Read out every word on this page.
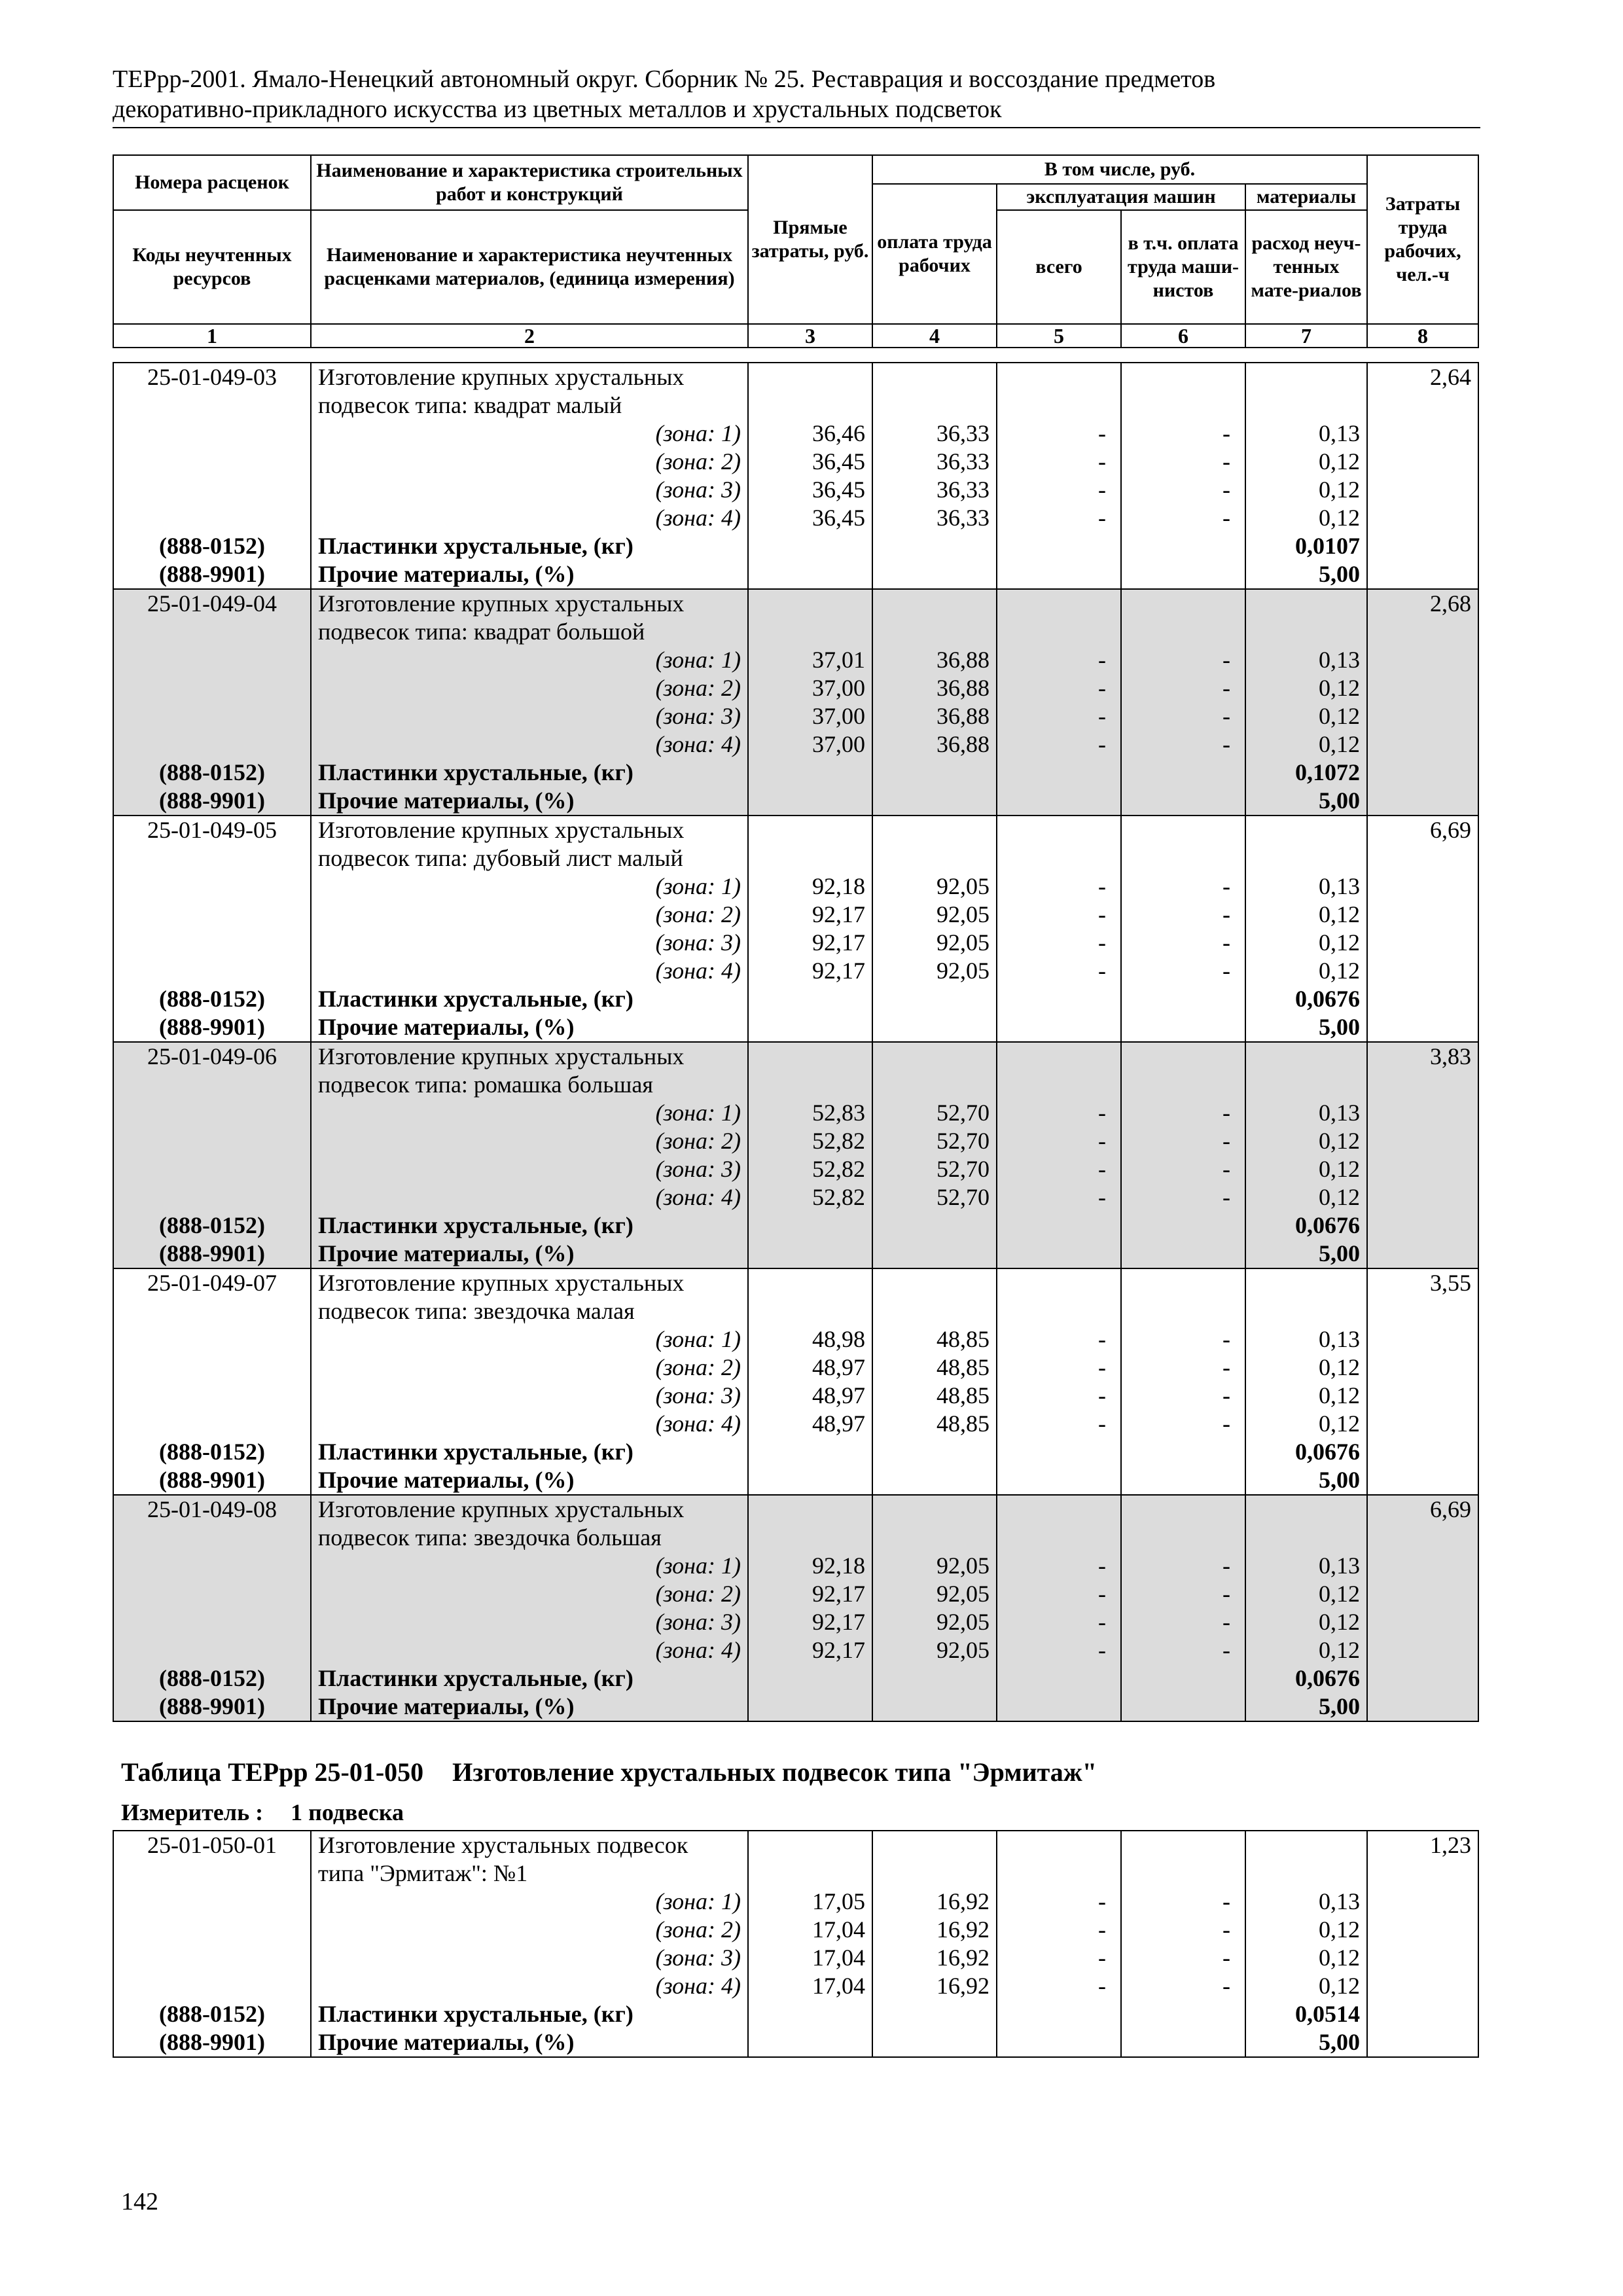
ТЕРрр-2001. Ямало-Ненецкий автономный округ. Сборник № 25. Реставрация и воссоздание предметов
декоративно-прикладного искусства из цветных металлов и хрустальных подсветок
Номера расценок	Наименование и характеристика строительных работ и конструкций	Прямые затраты, руб.	В том числе, руб.				Затраты труда рабочих, чел.-ч
			оплата труда рабочих	эксплуатация машин		материалы	
Коды неучтенных ресурсов	Наименование и характеристика неучтенных расценками материалов, (единица измерения)			всего	в т.ч. оплата труда маши-нистов	расход неуч-тенных мате-риалов	

1	2	3	4	5	6	7	8
25-01-049-03	Изготовление крупных хрустальных						2,64
	подвесок типа: квадрат малый						
	(зона: 1)	36,46	36,33	-	-	0,13	
	(зона: 2)	36,45	36,33	-	-	0,12	
	(зона: 3)	36,45	36,33	-	-	0,12	
	(зона: 4)	36,45	36,33	-	-	0,12	
(888-0152)	Пластинки хрустальные, (кг)					0,0107	
(888-9901)	Прочие материалы, (%)					5,00	
25-01-049-04	Изготовление крупных хрустальных						2,68
	подвесок типа: квадрат большой						
	(зона: 1)	37,01	36,88	-	-	0,13	
	(зона: 2)	37,00	36,88	-	-	0,12	
	(зона: 3)	37,00	36,88	-	-	0,12	
	(зона: 4)	37,00	36,88	-	-	0,12	
(888-0152)	Пластинки хрустальные, (кг)					0,1072	
(888-9901)	Прочие материалы, (%)					5,00	
25-01-049-05	Изготовление крупных хрустальных						6,69
	подвесок типа: дубовый лист малый						
	(зона: 1)	92,18	92,05	-	-	0,13	
	(зона: 2)	92,17	92,05	-	-	0,12	
	(зона: 3)	92,17	92,05	-	-	0,12	
	(зона: 4)	92,17	92,05	-	-	0,12	
(888-0152)	Пластинки хрустальные, (кг)					0,0676	
(888-9901)	Прочие материалы, (%)					5,00	
25-01-049-06	Изготовление крупных хрустальных						3,83
	подвесок типа: ромашка большая						
	(зона: 1)	52,83	52,70	-	-	0,13	
	(зона: 2)	52,82	52,70	-	-	0,12	
	(зона: 3)	52,82	52,70	-	-	0,12	
	(зона: 4)	52,82	52,70	-	-	0,12	
(888-0152)	Пластинки хрустальные, (кг)					0,0676	
(888-9901)	Прочие материалы, (%)					5,00	
25-01-049-07	Изготовление крупных хрустальных						3,55
	подвесок типа: звездочка малая						
	(зона: 1)	48,98	48,85	-	-	0,13	
	(зона: 2)	48,97	48,85	-	-	0,12	
	(зона: 3)	48,97	48,85	-	-	0,12	
	(зона: 4)	48,97	48,85	-	-	0,12	
(888-0152)	Пластинки хрустальные, (кг)					0,0676	
(888-9901)	Прочие материалы, (%)					5,00	
25-01-049-08	Изготовление крупных хрустальных						6,69
	подвесок типа: звездочка большая						
	(зона: 1)	92,18	92,05	-	-	0,13	
	(зона: 2)	92,17	92,05	-	-	0,12	
	(зона: 3)	92,17	92,05	-	-	0,12	
	(зона: 4)	92,17	92,05	-	-	0,12	
(888-0152)	Пластинки хрустальные, (кг)					0,0676	
(888-9901)	Прочие материалы, (%)					5,00	
Таблица ТЕРрр 25-01-050 Изготовление хрустальных подвесок типа "Эрмитаж"
Измеритель : 1 подвеска
25-01-050-01	Изготовление хрустальных подвесок						1,23
	типа "Эрмитаж": №1						
	(зона: 1)	17,05	16,92	-	-	0,13	
	(зона: 2)	17,04	16,92	-	-	0,12	
	(зона: 3)	17,04	16,92	-	-	0,12	
	(зона: 4)	17,04	16,92	-	-	0,12	
(888-0152)	Пластинки хрустальные, (кг)					0,0514	
(888-9901)	Прочие материалы, (%)					5,00	
142
